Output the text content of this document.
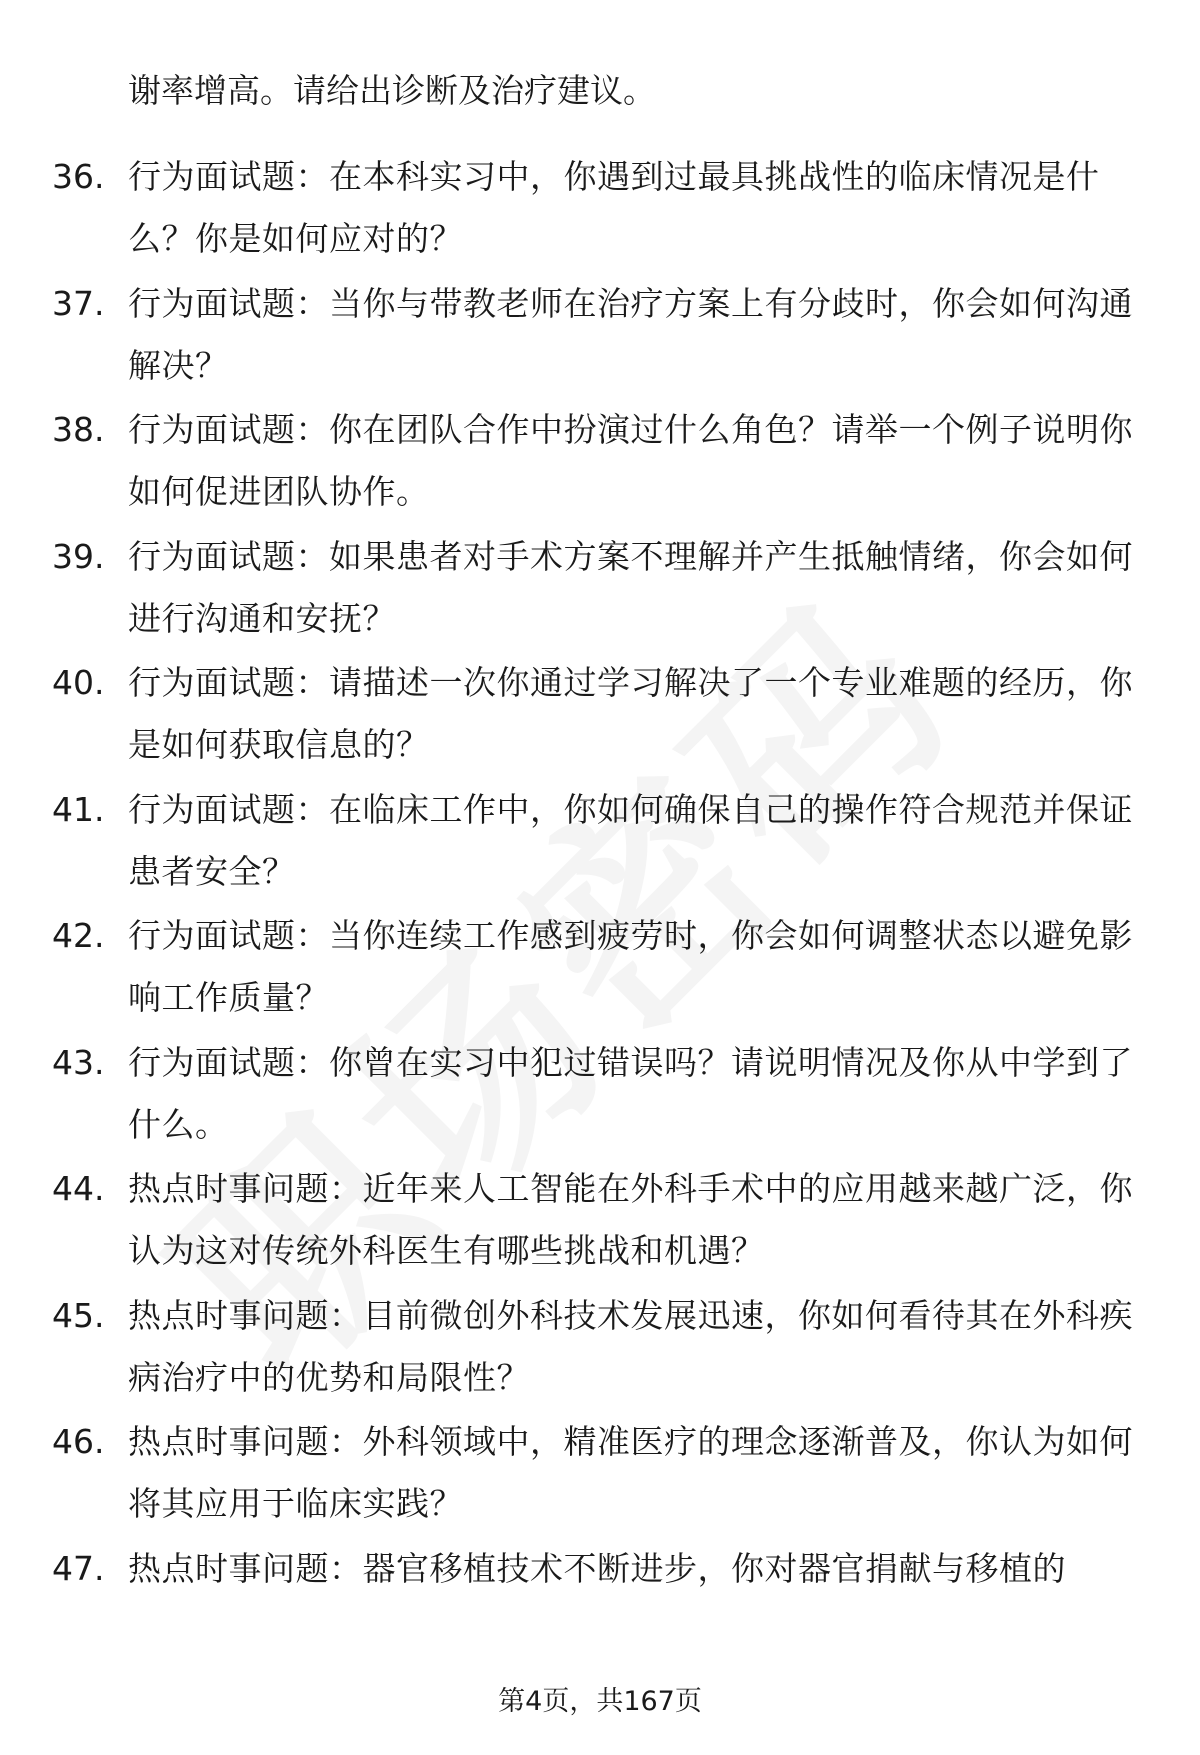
谢率增高。请给出诊断及治疗建议。

36. 行为面试题：在本科实习中，你遇到过最具挑战性的临床情况是什么？你是如何应对的？

37. 行为面试题：当你与带教老师在治疗方案上有分歧时，你会如何沟通解决？

38. 行为面试题：你在团队合作中扮演过什么角色？请举一个例子说明你如何促进团队协作。

39. 行为面试题：如果患者对手术方案不理解并产生抵触情绪，你会如何进行沟通和安抚？

40. 行为面试题：请描述一次你通过学习解决了一个专业难题的经历，你是如何获取信息的？

41. 行为面试题：在临床工作中，你如何确保自己的操作符合规范并保证患者安全？

42. 行为面试题：当你连续工作感到疲劳时，你会如何调整状态以避免影响工作质量？

43. 行为面试题：你曾在实习中犯过错误吗？请说明情况及你从中学到了什么。

44. 热点时事问题：近年来人工智能在外科手术中的应用越来越广泛，你认为这对传统外科医生有哪些挑战和机遇？

45. 热点时事问题：目前微创外科技术发展迅速，你如何看待其在外科疾病治疗中的优势和局限性？

46. 热点时事问题：外科领域中，精准医疗的理念逐渐普及，你认为如何将其应用于临床实践？

47. 热点时事问题：器官移植技术不断进步，你对器官捐献与移植的

第4页，共167页
